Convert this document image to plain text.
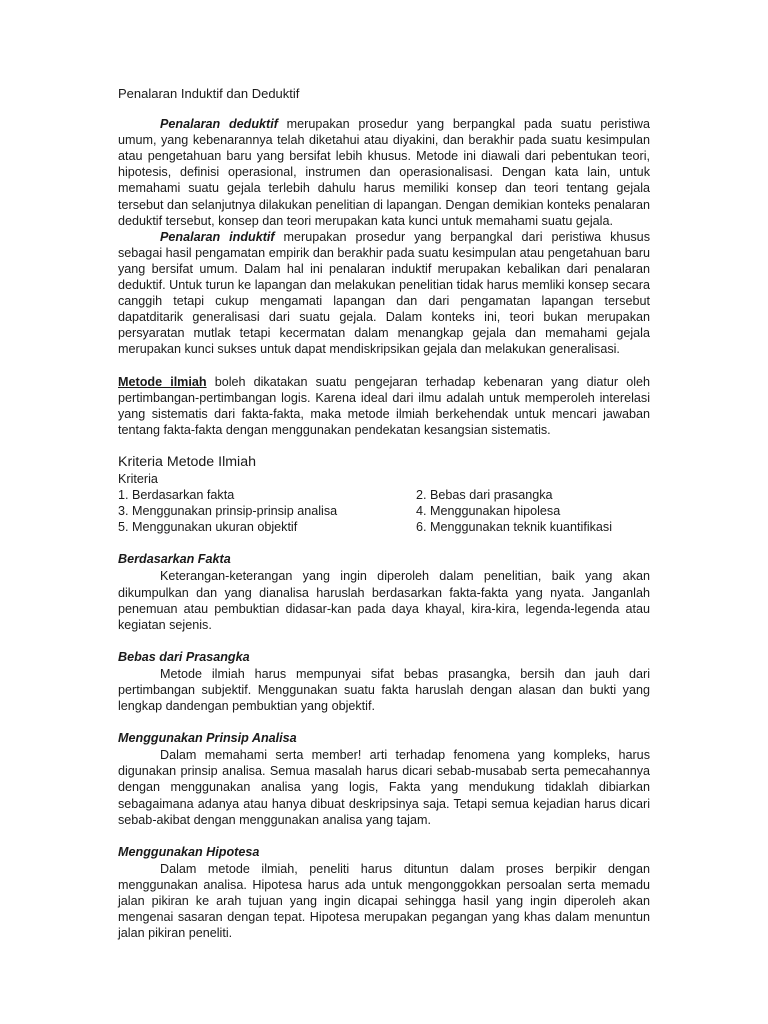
Penalaran Induktif dan Deduktif

Penalaran deduktif merupakan prosedur yang berpangkal pada suatu peristiwa umum, yang kebenarannya telah diketahui atau diyakini, dan berakhir pada suatu kesimpulan atau pengetahuan baru yang bersifat lebih khusus. Metode ini diawali dari pebentukan teori, hipotesis, definisi operasional, instrumen dan operasionalisasi. Dengan kata lain, untuk memahami suatu gejala terlebih dahulu harus memiliki konsep dan teori tentang gejala tersebut dan selanjutnya dilakukan penelitian di lapangan. Dengan demikian konteks penalaran deduktif tersebut, konsep dan teori merupakan kata kunci untuk memahami suatu gejala.

Penalaran induktif merupakan prosedur yang berpangkal dari peristiwa khusus sebagai hasil pengamatan empirik dan berakhir pada suatu kesimpulan atau pengetahuan baru yang bersifat umum. Dalam hal ini penalaran induktif merupakan kebalikan dari penalaran deduktif. Untuk turun ke lapangan dan melakukan penelitian tidak harus memliki konsep secara canggih tetapi cukup mengamati lapangan dan dari pengamatan lapangan tersebut dapatditarik generalisasi dari suatu gejala. Dalam konteks ini, teori bukan merupakan persyaratan mutlak tetapi kecermatan dalam menangkap gejala dan memahami gejala merupakan kunci sukses untuk dapat mendiskripsikan gejala dan melakukan generalisasi.

Metode ilmiah boleh dikatakan suatu pengejaran terhadap kebenaran yang diatur oleh pertimbangan-pertimbangan logis. Karena ideal dari ilmu adalah untuk memperoleh interelasi yang sistematis dari fakta-fakta, maka metode ilmiah berkehendak untuk mencari jawaban tentang fakta-fakta dengan menggunakan pendekatan kesangsian sistematis.

Kriteria Metode Ilmiah
Kriteria
1. Berdasarkan fakta	2. Bebas dari prasangka
3. Menggunakan prinsip-prinsip analisa	4. Menggunakan hipolesa
5. Menggunakan ukuran objektif	6. Menggunakan teknik kuantifikasi
Berdasarkan Fakta

Keterangan-keterangan yang ingin diperoleh dalam penelitian, baik yang akan dikumpulkan dan yang dianalisa haruslah berdasarkan fakta-fakta yang nyata. Janganlah penemuan atau pembuktian didasar-kan pada daya khayal, kira-kira, legenda-legenda atau kegiatan sejenis.

Bebas dari Prasangka

Metode ilmiah harus mempunyai sifat bebas prasangka, bersih dan jauh dari pertimbangan subjektif. Menggunakan suatu fakta haruslah dengan alasan dan bukti yang lengkap dandengan pembuktian yang objektif.

Menggunakan Prinsip Analisa

Dalam memahami serta member! arti terhadap fenomena yang kompleks, harus digunakan prinsip analisa. Semua masalah harus dicari sebab-musabab serta pemecahannya dengan menggunakan analisa yang logis, Fakta yang mendukung tidaklah dibiarkan sebagaimana adanya atau hanya dibuat deskripsinya saja. Tetapi semua kejadian harus dicari sebab-akibat dengan menggunakan analisa yang tajam.

Menggunakan Hipotesa

Dalam metode ilmiah, peneliti harus dituntun dalam proses berpikir dengan menggunakan analisa. Hipotesa harus ada untuk mengonggokkan persoalan serta memadu jalan pikiran ke arah tujuan yang ingin dicapai sehingga hasil yang ingin diperoleh akan mengenai sasaran dengan tepat. Hipotesa merupakan pegangan yang khas dalam menuntun jalan pikiran peneliti.
